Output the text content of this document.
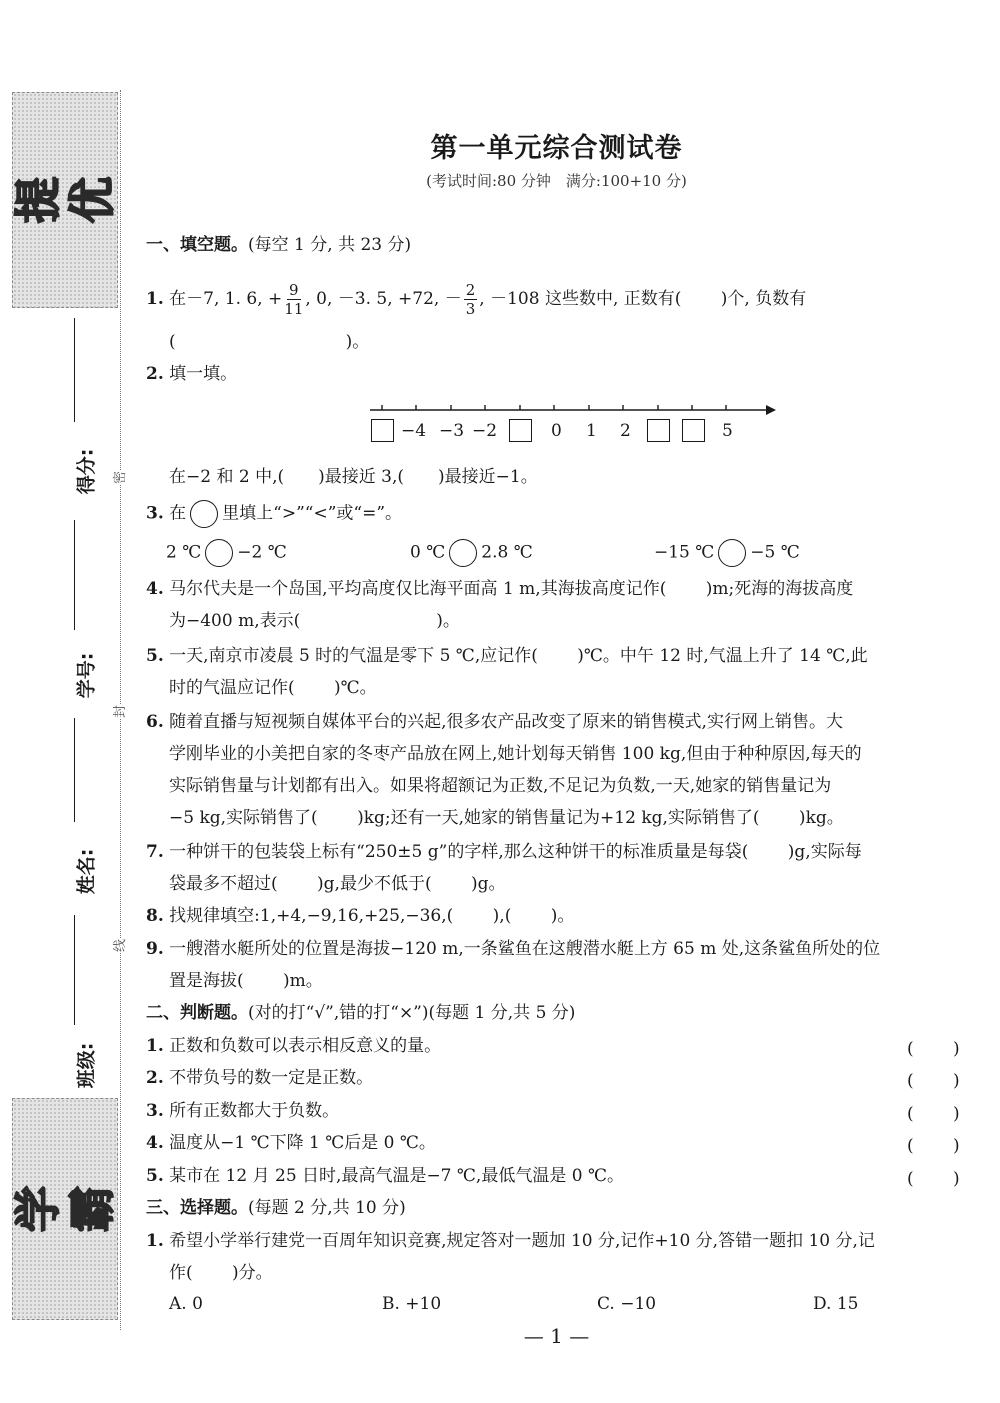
提 优
学 霸
密
封
线
得分:
学号:
姓名:
班级:
第一单元综合测试卷
(考试时间:80 分钟　满分:100+10 分)
一、填空题。(每空 1 分, 共 23 分)
1. 在－7, 1. 6, + $\frac{9}{11}$ , 0, －3. 5, +72, － $\frac{2}{3}$ , －108 这些数中, 正数有(　　 )个, 负数有
(　　　　　　　　　　)。
2. 填一填。
−4 −3 −2	0 1 2	5
在−2 和 2 中,(　　)最接近 3,(　　)最接近−1。
3. 在 里填上“>”“<”或“=”。
2 ℃ −2 ℃	0 ℃ 2.8 ℃	−15 ℃ −5 ℃
4. 马尔代夫是一个岛国,平均高度仅比海平面高 1 m,其海拔高度记作(　　 )m;死海的海拔高度
为−400 m,表示(　　　　　　　　)。
5. 一天,南京市凌晨 5 时的气温是零下 5 ℃,应记作(　　 )℃。中午 12 时,气温上升了 14 ℃,此
时的气温应记作(　　 )℃。
6. 随着直播与短视频自媒体平台的兴起,很多农产品改变了原来的销售模式,实行网上销售。大
学刚毕业的小美把自家的冬枣产品放在网上,她计划每天销售 100 kg,但由于种种原因,每天的
实际销售量与计划都有出入。如果将超额记为正数,不足记为负数,一天,她家的销售量记为
−5 kg,实际销售了(　　 )kg;还有一天,她家的销售量记为+12 kg,实际销售了(　　 )kg。
7. 一种饼干的包装袋上标有“250±5 g”的字样,那么这种饼干的标准质量是每袋(　　 )g,实际每
袋最多不超过(　　 )g,最少不低于(　　 )g。
8. 找规律填空:1,+4,−9,16,+25,−36,(　　 ),(　　 )。
9. 一艘潜水艇所处的位置是海拔−120 m,一条鲨鱼在这艘潜水艇上方 65 m 处,这条鲨鱼所处的位
置是海拔(　　 )m。
二、判断题。(对的打“√”,错的打“×”)(每题 1 分,共 5 分)
1. 正数和负数可以表示相反意义的量。	(　　 )
2. 不带负号的数一定是正数。	(　　 )
3. 所有正数都大于负数。	(　　 )
4. 温度从−1 ℃下降 1 ℃后是 0 ℃。	(　　 )
5. 某市在 12 月 25 日时,最高气温是−7 ℃,最低气温是 0 ℃。	(　　 )
三、选择题。(每题 2 分,共 10 分)
1. 希望小学举行建党一百周年知识竞赛,规定答对一题加 10 分,记作+10 分,答错一题扣 10 分,记
作(　　 )分。
A. 0	B. +10	C. −10	D. 15
— 1 —
